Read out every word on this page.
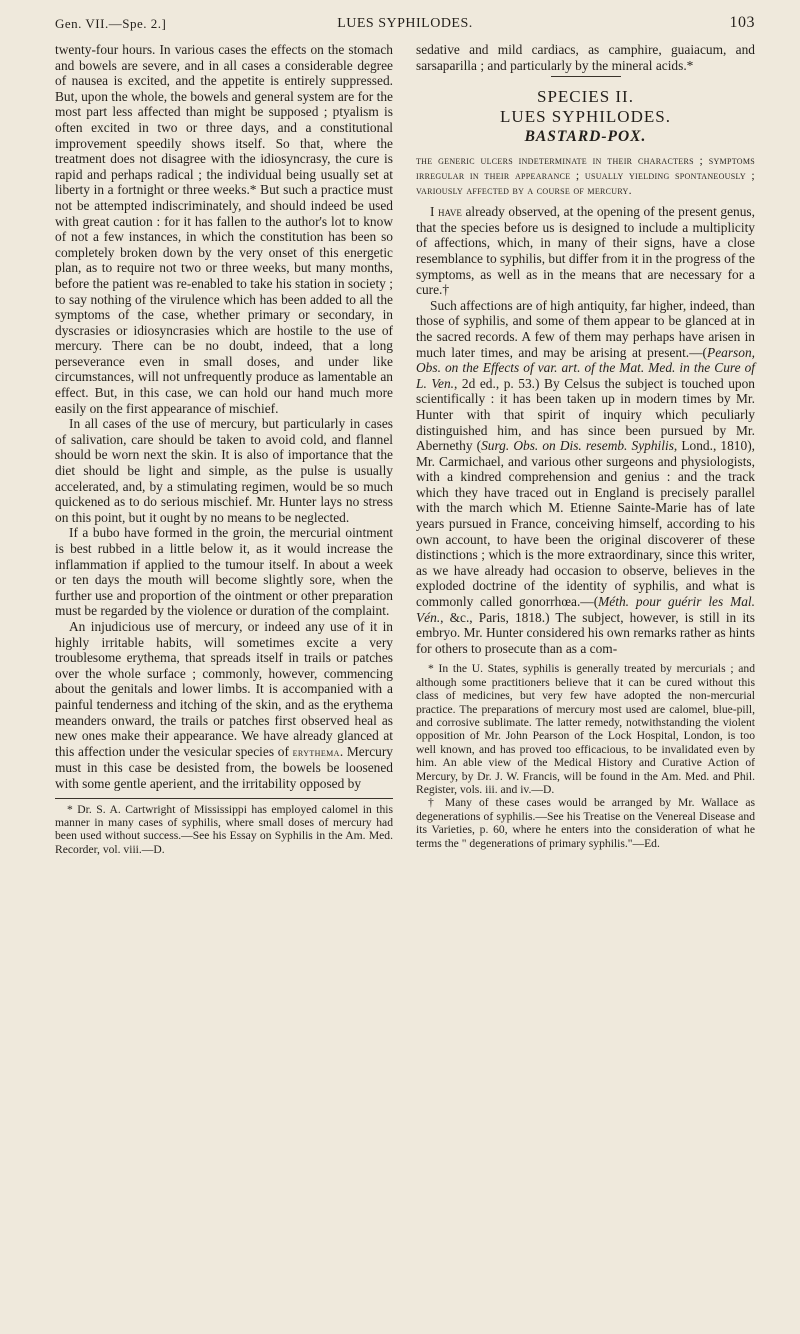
Gen. VII.—Spe. 2.]	LUES SYPHILODES.	103

twenty-four hours. In various cases the effects on the stomach and bowels are severe, and in all cases a considerable degree of nausea is excited, and the appetite is entirely suppressed. But, upon the whole, the bowels and general system are for the most part less affected than might be supposed ; ptyalism is often excited in two or three days, and a constitutional improvement speedily shows itself. So that, where the treatment does not disagree with the idiosyncrasy, the cure is rapid and perhaps radical ; the individual being usually set at liberty in a fortnight or three weeks.* But such a practice must not be attempted indiscriminately, and should indeed be used with great caution : for it has fallen to the author's lot to know of not a few instances, in which the constitution has been so completely broken down by the very onset of this energetic plan, as to require not two or three weeks, but many months, before the patient was re-enabled to take his station in society ; to say nothing of the virulence which has been added to all the symptoms of the case, whether primary or secondary, in dyscrasies or idiosyncrasies which are hostile to the use of mercury. There can be no doubt, indeed, that a long perseverance even in small doses, and under like circumstances, will not unfrequently produce as lamentable an effect. But, in this case, we can hold our hand much more easily on the first appearance of mischief.

In all cases of the use of mercury, but particularly in cases of salivation, care should be taken to avoid cold, and flannel should be worn next the skin. It is also of importance that the diet should be light and simple, as the pulse is usually accelerated, and, by a stimulating regimen, would be so much quickened as to do serious mischief. Mr. Hunter lays no stress on this point, but it ought by no means to be neglected.

If a bubo have formed in the groin, the mercurial ointment is best rubbed in a little below it, as it would increase the inflammation if applied to the tumour itself. In about a week or ten days the mouth will become slightly sore, when the further use and proportion of the ointment or other preparation must be regarded by the violence or duration of the complaint.

An injudicious use of mercury, or indeed any use of it in highly irritable habits, will sometimes excite a very troublesome erythema, that spreads itself in trails or patches over the whole surface ; commonly, however, commencing about the genitals and lower limbs. It is accompanied with a painful tenderness and itching of the skin, and as the erythema meanders onward, the trails or patches first observed heal as new ones make their appearance. We have already glanced at this affection under the vesicular species of erythema. Mercury must in this case be desisted from, the bowels be loosened with some gentle aperient, and the irritability opposed by

* Dr. S. A. Cartwright of Mississippi has employed calomel in this manner in many cases of syphilis, where small doses of mercury had been used without success.—See his Essay on Syphilis in the Am. Med. Recorder, vol. viii.—D.

sedative and mild cardiacs, as camphire, guaiacum, and sarsaparilla ; and particularly by the mineral acids.*

SPECIES II.
LUES SYPHILODES.
BASTARD-POX.
the generic ulcers indeterminate in their characters ; symptoms irregular in their appearance ; usually yielding spontaneously ; variously affected by a course of mercury.

I have already observed, at the opening of the present genus, that the species before us is designed to include a multiplicity of affections, which, in many of their signs, have a close resemblance to syphilis, but differ from it in the progress of the symptoms, as well as in the means that are necessary for a cure.†

Such affections are of high antiquity, far higher, indeed, than those of syphilis, and some of them appear to be glanced at in the sacred records. A few of them may perhaps have arisen in much later times, and may be arising at present.—(Pearson, Obs. on the Effects of var. art. of the Mat. Med. in the Cure of L. Ven., 2d ed., p. 53.) By Celsus the subject is touched upon scientifically : it has been taken up in modern times by Mr. Hunter with that spirit of inquiry which peculiarly distinguished him, and has since been pursued by Mr. Abernethy (Surg. Obs. on Dis. resemb. Syphilis, Lond., 1810), Mr. Carmichael, and various other surgeons and physiologists, with a kindred comprehension and genius : and the track which they have traced out in England is precisely parallel with the march which M. Etienne Sainte-Marie has of late years pursued in France, conceiving himself, according to his own account, to have been the original discoverer of these distinctions ; which is the more extraordinary, since this writer, as we have already had occasion to observe, believes in the exploded doctrine of the identity of syphilis, and what is commonly called gonorrhœa.—(Méth. pour guérir les Mal. Vén., &c., Paris, 1818.) The subject, however, is still in its embryo. Mr. Hunter considered his own remarks rather as hints for others to prosecute than as a com-

* In the U. States, syphilis is generally treated by mercurials ; and although some practitioners believe that it can be cured without this class of medicines, but very few have adopted the non-mercurial practice. The preparations of mercury most used are calomel, blue-pill, and corrosive sublimate. The latter remedy, notwithstanding the violent opposition of Mr. John Pearson of the Lock Hospital, London, is too well known, and has proved too efficacious, to be invalidated even by him. An able view of the Medical History and Curative Action of Mercury, by Dr. J. W. Francis, will be found in the Am. Med. and Phil. Register, vols. iii. and iv.—D.

† Many of these cases would be arranged by Mr. Wallace as degenerations of syphilis.—See his Treatise on the Venereal Disease and its Varieties, p. 60, where he enters into the consideration of what he terms the " degenerations of primary syphilis."—Ed.
